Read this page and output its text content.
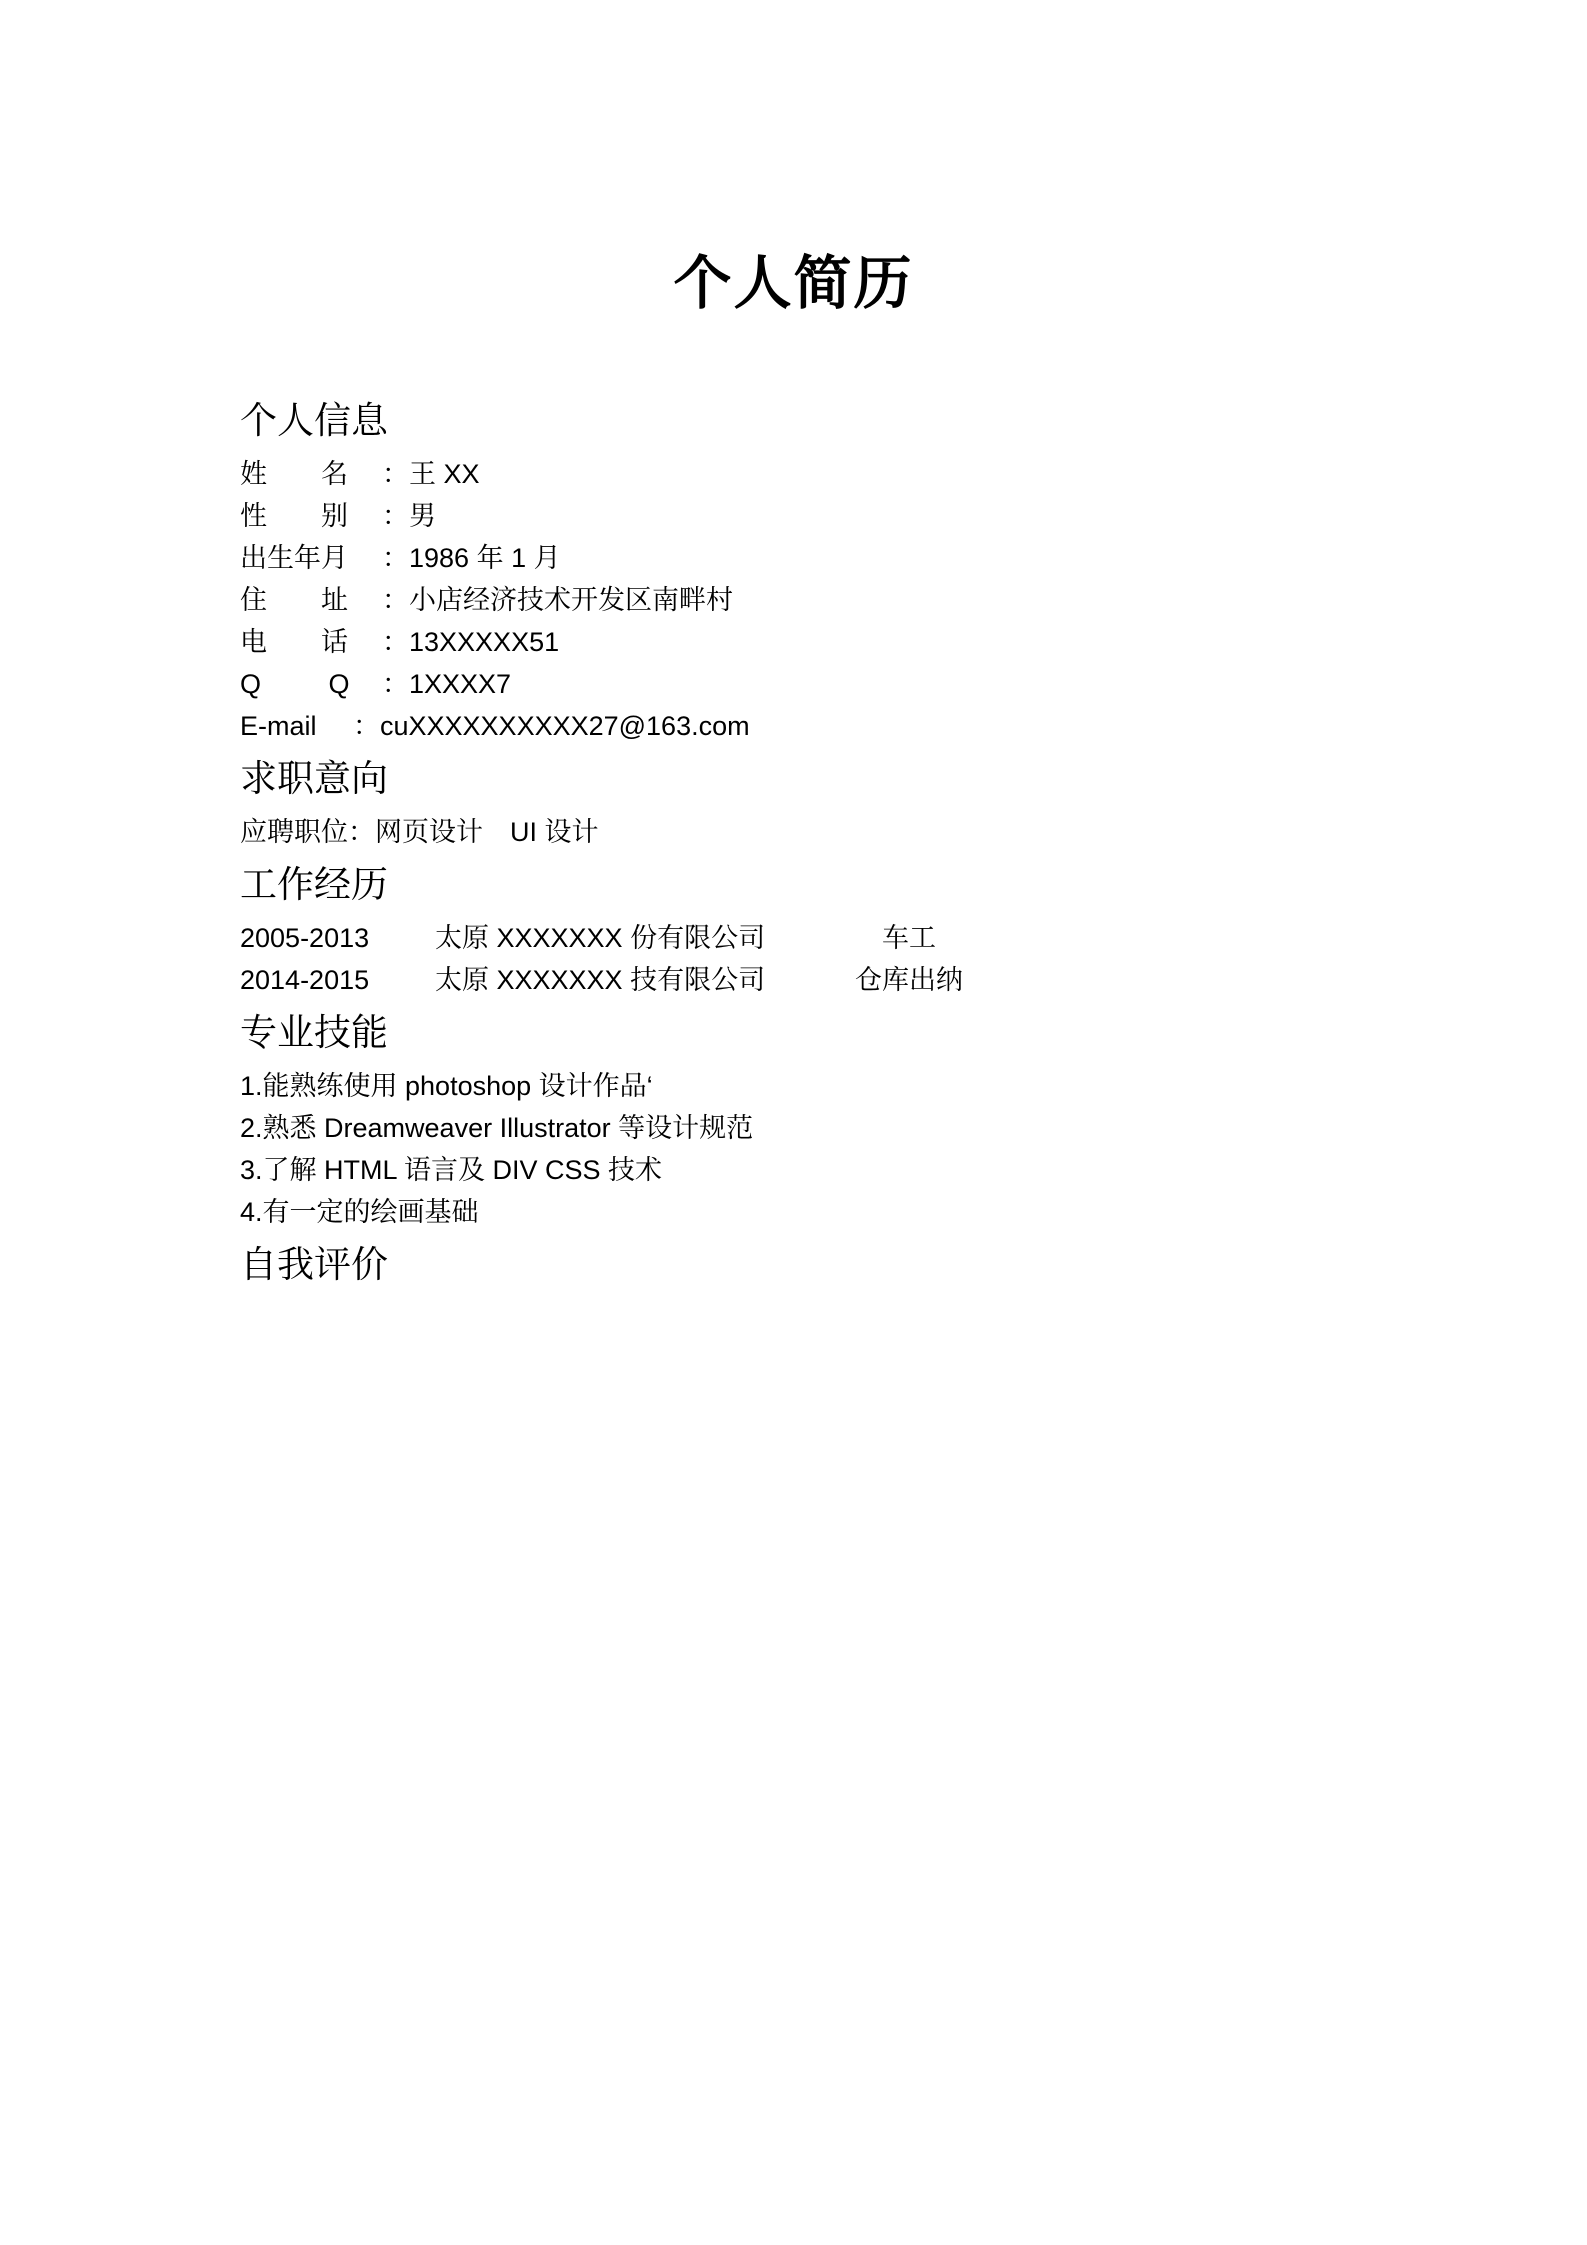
个人简历
个人信息
姓　　名	： 王 XX
性　　别	： 男
出生年月	： 1986 年 1 月
住　　址	： 小店经济技术开发区南畔村
电　　话	： 13XXXXX51
Q　　 Q	： 1XXXX7
E-mail  ： cuXXXXXXXXXX27@163.com
求职意向
应聘职位 ： 网页设计　UI 设计
工作经历
2005-2013	太原 XXXXXXX 份有限公司	 车工
2014-2015	太原 XXXXXXX 技有限公司	仓库出纳
专业技能
1.能熟练使用 photoshop 设计作品‘
2.熟悉 Dreamweaver Illustrator 等设计规范
3.了解 HTML 语言及 DIV CSS 技术
4.有一定的绘画基础
自我评价
